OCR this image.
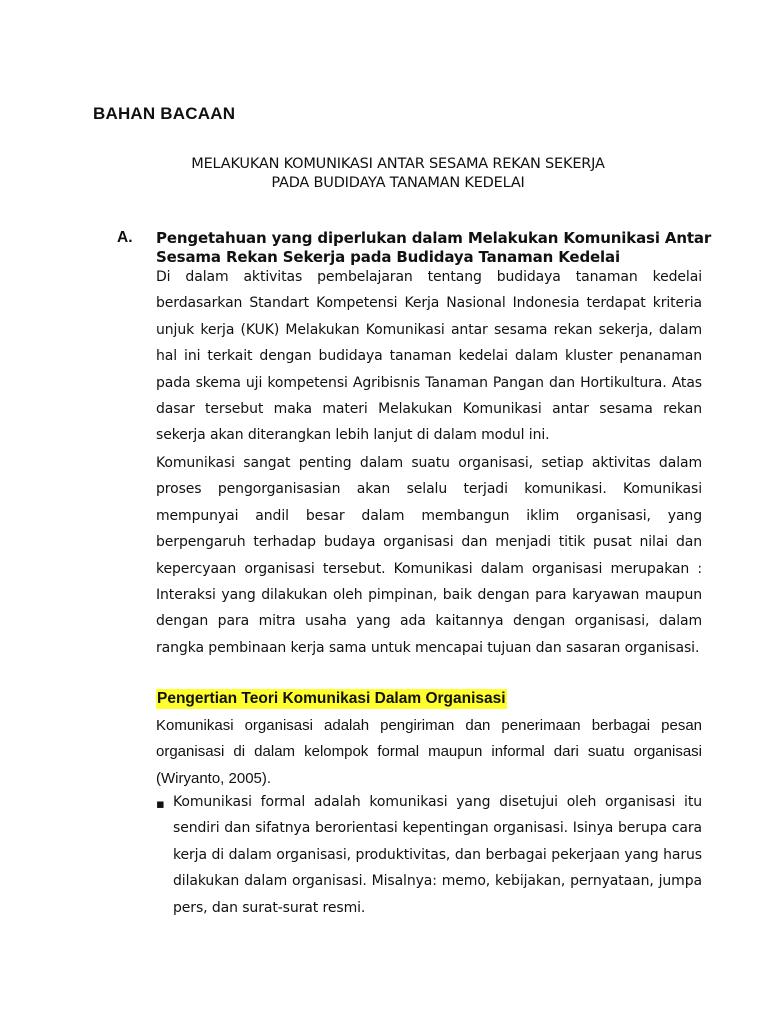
BAHAN BACAAN
MELAKUKAN KOMUNIKASI ANTAR SESAMA REKAN SEKERJA
PADA BUDIDAYA TANAMAN KEDELAI
A. Pengetahuan yang diperlukan dalam Melakukan Komunikasi Antar Sesama Rekan Sekerja pada Budidaya Tanaman Kedelai
Di dalam aktivitas pembelajaran tentang budidaya tanaman kedelai berdasarkan Standart Kompetensi Kerja Nasional Indonesia terdapat kriteria unjuk kerja (KUK) Melakukan Komunikasi antar sesama rekan sekerja, dalam hal ini terkait dengan budidaya tanaman kedelai dalam kluster penanaman pada skema uji kompetensi Agribisnis Tanaman Pangan dan Hortikultura. Atas dasar tersebut maka materi Melakukan Komunikasi antar sesama rekan sekerja akan diterangkan lebih lanjut di dalam modul ini.
Komunikasi sangat penting dalam suatu organisasi, setiap aktivitas dalam proses pengorganisasian akan selalu terjadi komunikasi. Komunikasi mempunyai andil besar dalam membangun iklim organisasi, yang berpengaruh terhadap budaya organisasi dan menjadi titik pusat nilai dan kepercyaan organisasi tersebut. Komunikasi dalam organisasi merupakan : Interaksi yang dilakukan oleh pimpinan, baik dengan para karyawan maupun dengan para mitra usaha yang ada kaitannya dengan organisasi, dalam rangka pembinaan kerja sama untuk mencapai tujuan dan sasaran organisasi.
Pengertian Teori Komunikasi Dalam Organisasi
Komunikasi organisasi adalah pengiriman dan penerimaan berbagai pesan organisasi di dalam kelompok formal maupun informal dari suatu organisasi (Wiryanto, 2005).
▪ Komunikasi formal adalah komunikasi yang disetujui oleh organisasi itu sendiri dan sifatnya berorientasi kepentingan organisasi. Isinya berupa cara kerja di dalam organisasi, produktivitas, dan berbagai pekerjaan yang harus dilakukan dalam organisasi. Misalnya: memo, kebijakan, pernyataan, jumpa pers, dan surat-surat resmi.
